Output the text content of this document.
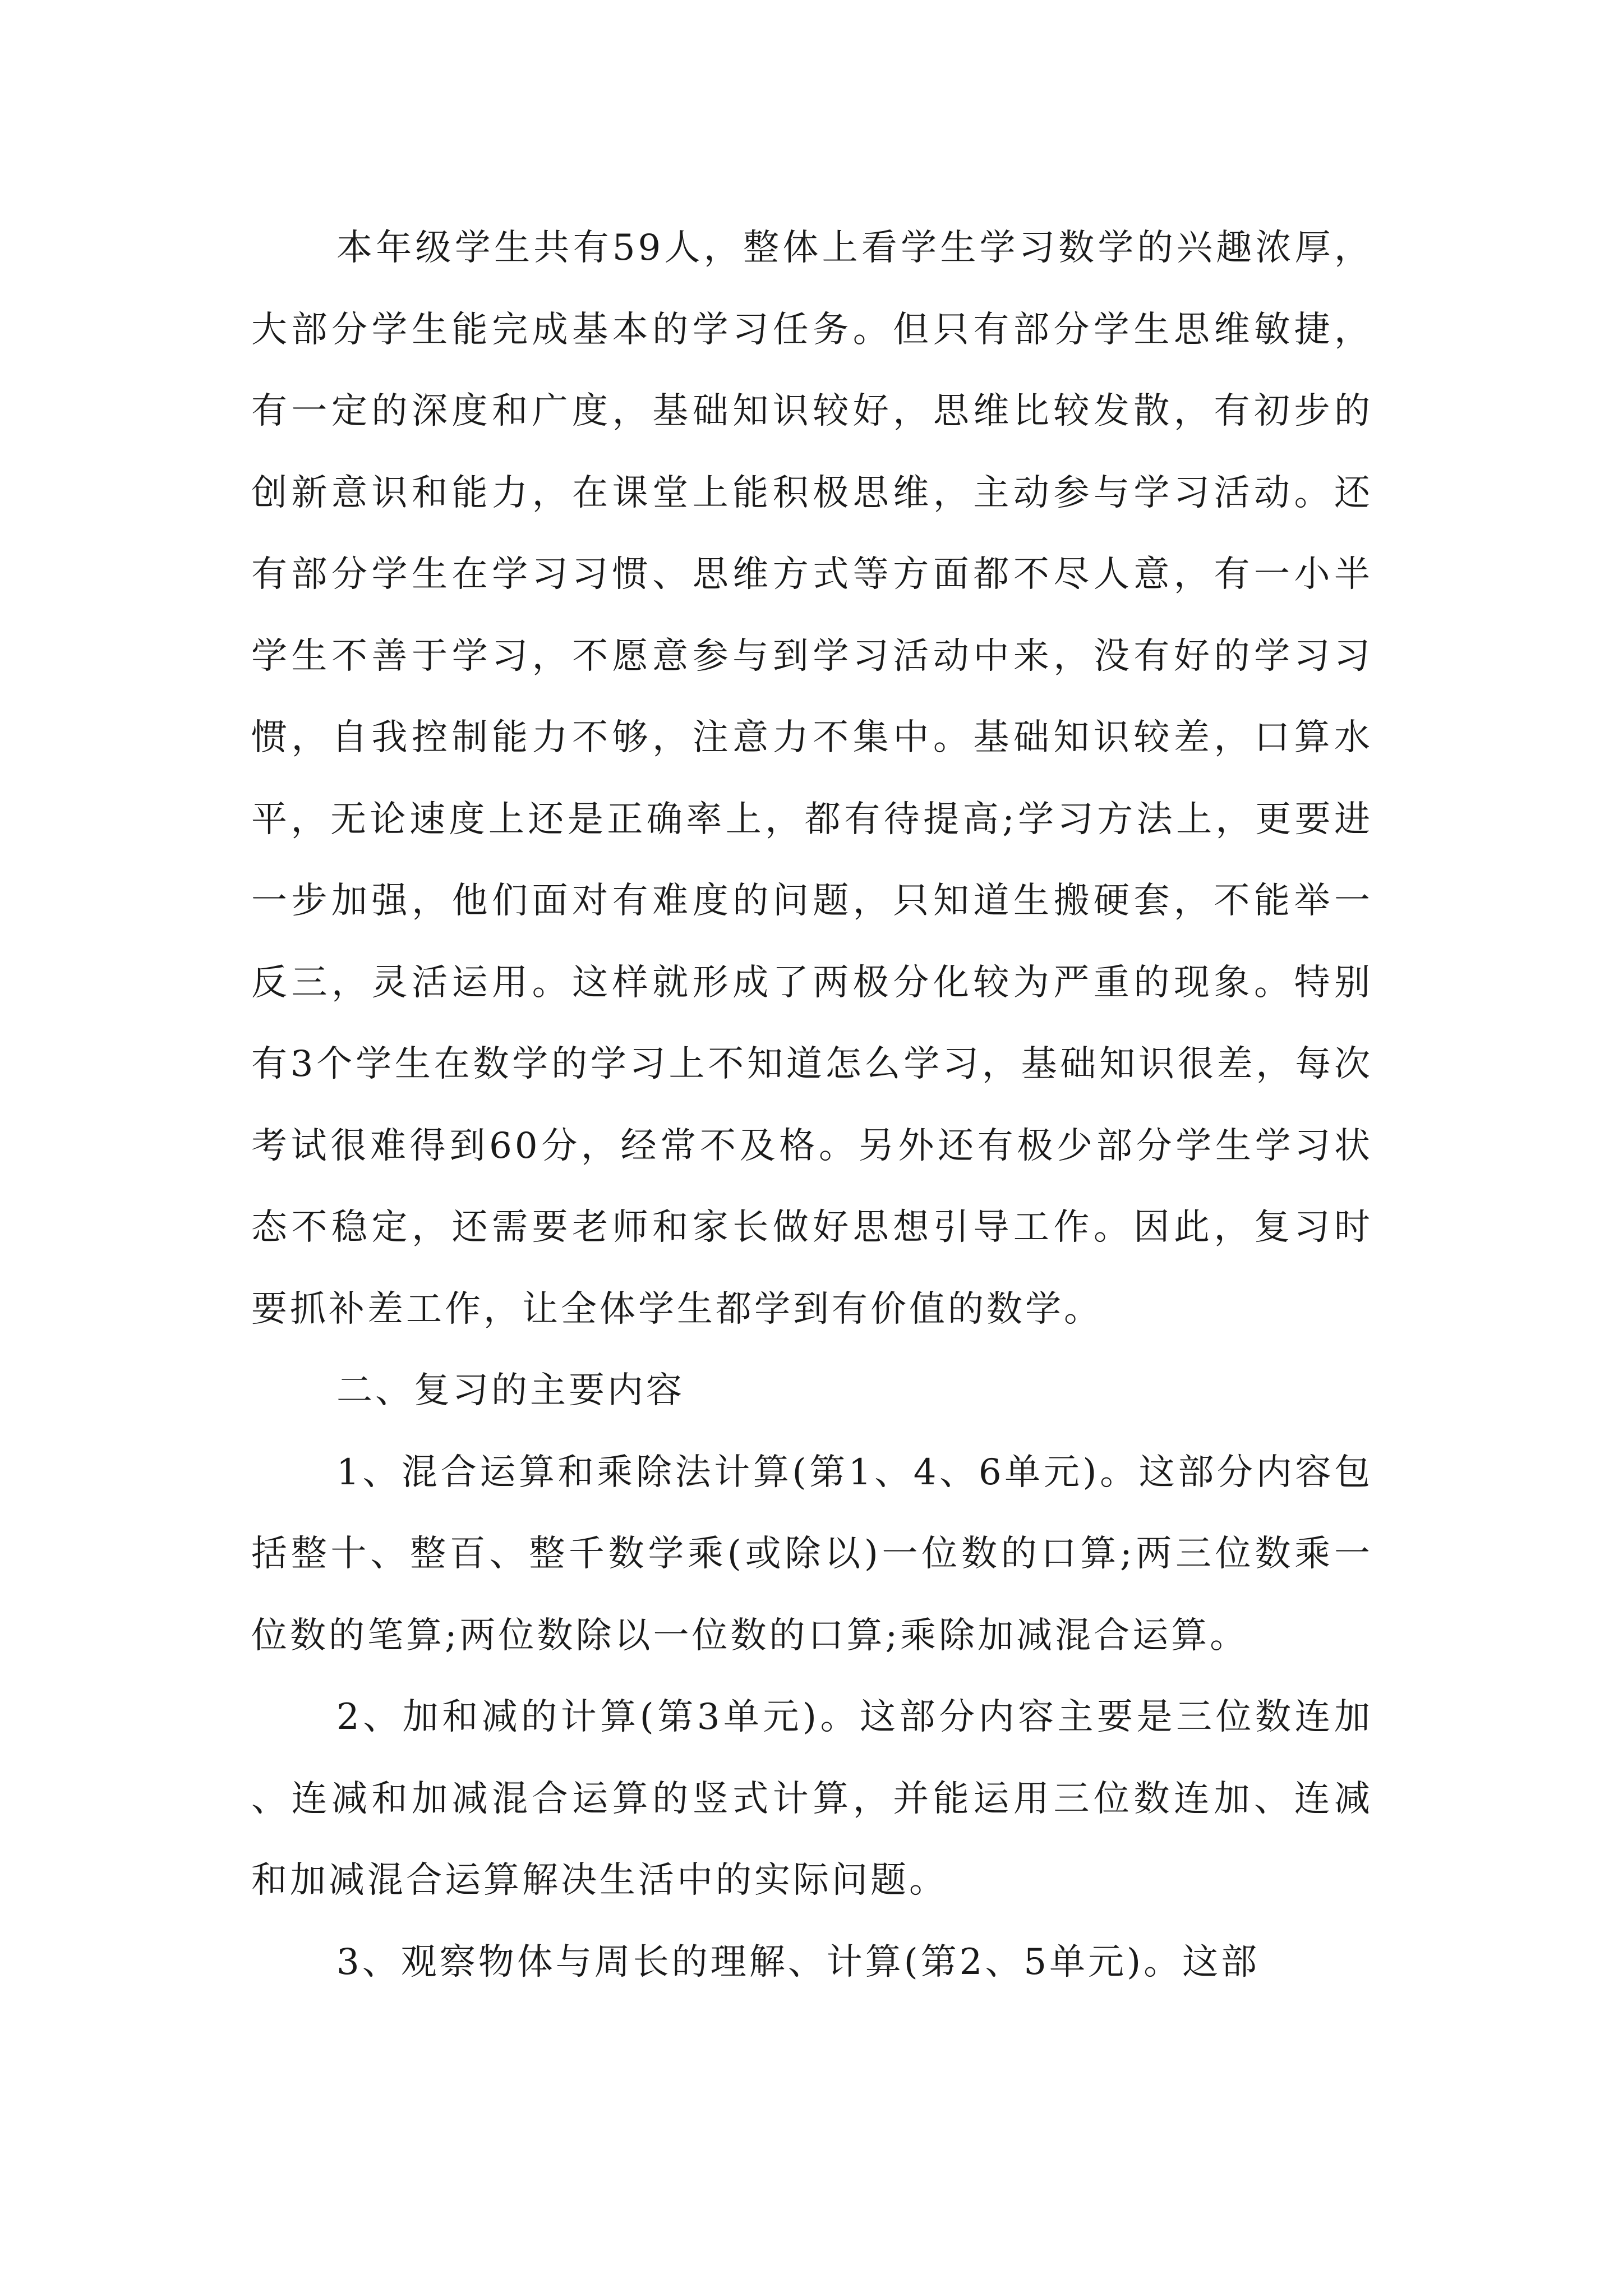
本年级学生共有59人，整体上看学生学习数学的兴趣浓厚，大部分学生能完成基本的学习任务。但只有部分学生思维敏捷，有一定的深度和广度，基础知识较好，思维比较发散，有初步的创新意识和能力，在课堂上能积极思维，主动参与学习活动。还有部分学生在学习习惯、思维方式等方面都不尽人意，有一小半学生不善于学习，不愿意参与到学习活动中来，没有好的学习习惯，自我控制能力不够，注意力不集中。基础知识较差，口算水平，无论速度上还是正确率上，都有待提高;学习方法上，更要进一步加强，他们面对有难度的问题，只知道生搬硬套，不能举一反三，灵活运用。这样就形成了两极分化较为严重的现象。特别有3个学生在数学的学习上不知道怎么学习，基础知识很差，每次考试很难得到60分，经常不及格。另外还有极少部分学生学习状态不稳定，还需要老师和家长做好思想引导工作。因此，复习时要抓补差工作，让全体学生都学到有价值的数学。

二、复习的主要内容

1、混合运算和乘除法计算(第1、4、6单元)。这部分内容包括整十、整百、整千数学乘(或除以)一位数的口算;两三位数乘一位数的笔算;两位数除以一位数的口算;乘除加减混合运算。

2、加和减的计算(第3单元)。这部分内容主要是三位数连加、连减和加减混合运算的竖式计算，并能运用三位数连加、连减和加减混合运算解决生活中的实际问题。

3、观察物体与周长的理解、计算(第2、5单元)。这部
